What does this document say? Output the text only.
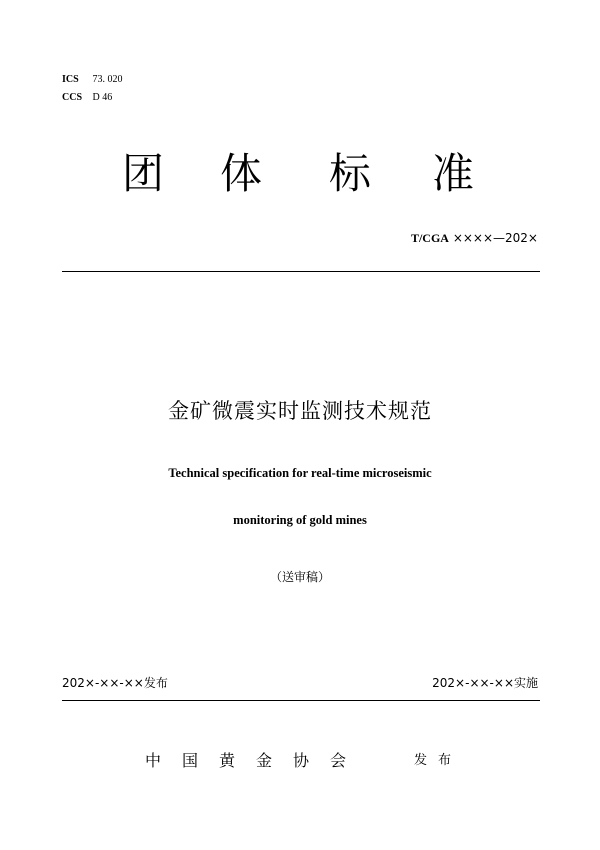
ICS 73. 020
CCS D 46
团 体 标 准
T/CGA ××××—202×
金矿微震实时监测技术规范
Technical specification for real-time microseismic
monitoring of gold mines
（送审稿）
202×-××-××发布	202×-××-××实施
中国黄金协会	发布
